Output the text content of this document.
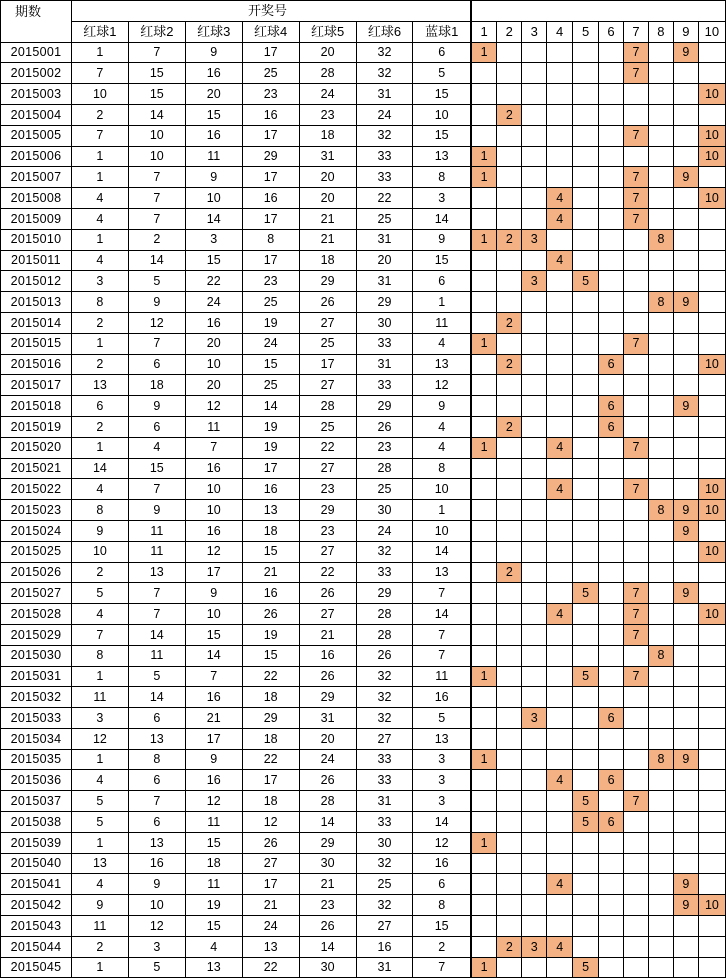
期数	开奖号																
	红球1	红球2	红球3	红球4	红球5	红球6	蓝球1	1	2	3	4	5	6	7	8	9	10
2015001	1	7	9	17	20	32	6	1						7		9	
2015002	7	15	16	25	28	32	5							7			
2015003	10	15	20	23	24	31	15										10
2015004	2	14	15	16	23	24	10		2								
2015005	7	10	16	17	18	32	15							7			10
2015006	1	10	11	29	31	33	13	1									10
2015007	1	7	9	17	20	33	8	1						7		9	
2015008	4	7	10	16	20	22	3				4			7			10
2015009	4	7	14	17	21	25	14				4			7			
2015010	1	2	3	8	21	31	9	1	2	3					8		
2015011	4	14	15	17	18	20	15				4						
2015012	3	5	22	23	29	31	6			3		5					
2015013	8	9	24	25	26	29	1								8	9	
2015014	2	12	16	19	27	30	11		2								
2015015	1	7	20	24	25	33	4	1						7			
2015016	2	6	10	15	17	31	13		2				6				10
2015017	13	18	20	25	27	33	12										
2015018	6	9	12	14	28	29	9						6			9	
2015019	2	6	11	19	25	26	4		2				6				
2015020	1	4	7	19	22	23	4	1			4			7			
2015021	14	15	16	17	27	28	8										
2015022	4	7	10	16	23	25	10				4			7			10
2015023	8	9	10	13	29	30	1								8	9	10
2015024	9	11	16	18	23	24	10									9	
2015025	10	11	12	15	27	32	14										10
2015026	2	13	17	21	22	33	13		2								
2015027	5	7	9	16	26	29	7					5		7		9	
2015028	4	7	10	26	27	28	14				4			7			10
2015029	7	14	15	19	21	28	7							7			
2015030	8	11	14	15	16	26	7								8		
2015031	1	5	7	22	26	32	11	1				5		7			
2015032	11	14	16	18	29	32	16										
2015033	3	6	21	29	31	32	5			3			6				
2015034	12	13	17	18	20	27	13										
2015035	1	8	9	22	24	33	3	1							8	9	
2015036	4	6	16	17	26	33	3				4		6				
2015037	5	7	12	18	28	31	3					5		7			
2015038	5	6	11	12	14	33	14					5	6				
2015039	1	13	15	26	29	30	12	1									
2015040	13	16	18	27	30	32	16										
2015041	4	9	11	17	21	25	6				4					9	
2015042	9	10	19	21	23	32	8									9	10
2015043	11	12	15	24	26	27	15										
2015044	2	3	4	13	14	16	2		2	3	4						
2015045	1	5	13	22	30	31	7	1				5					
